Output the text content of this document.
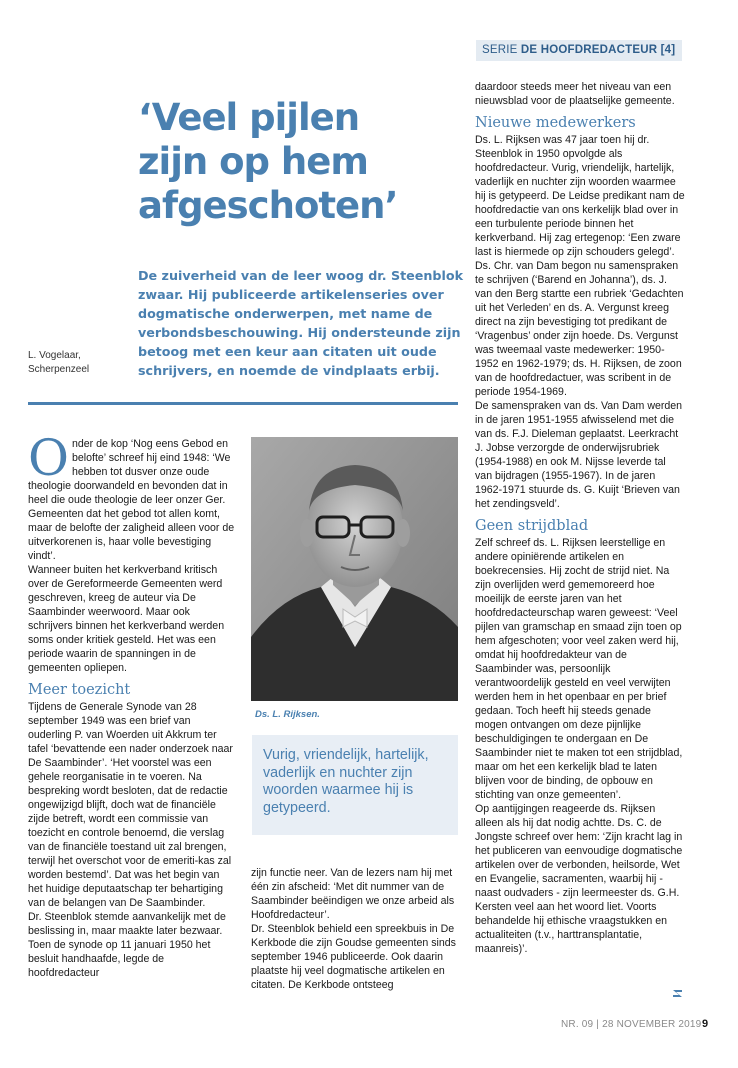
SERIE DE HOOFDREDACTEUR [4]
‘Veel pijlen
zijn op hem
afgeschoten’
De zuiverheid van de leer woog dr. Steenblok zwaar. Hij publiceerde artikelenseries over dogmatische onderwerpen, met name de verbondsbeschouwing. Hij ondersteunde zijn betoog met een keur aan citaten uit oude schrijvers, en noemde de vindplaats erbij.
L. Vogelaar,
Scherpenzeel

O nder de kop ‘Nog eens Gebod en belofte’ schreef hij eind 1948: ‘We hebben tot dusver onze oude theologie doorwandeld en bevonden dat in heel die oude theologie de leer onzer Ger. Gemeenten dat het gebod tot allen komt, maar de belofte der zaligheid alleen voor de uitverkorenen is, haar volle bevestiging vindt’.

Wanneer buiten het kerkverband kritisch over de Gereformeerde Gemeenten werd geschreven, kreeg de auteur via De Saambinder weerwoord. Maar ook schrijvers binnen het kerkverband werden soms onder kritiek gesteld. Het was een periode waarin de spanningen in de gemeenten opliepen.

Meer toezicht

Tijdens de Generale Synode van 28 september 1949 was een brief van ouderling P. van Woerden uit Akkrum ter tafel ‘bevattende een nader onderzoek naar De Saambinder’. ‘Het voorstel was een gehele reorganisatie in te voeren. Na bespreking wordt besloten, dat de redactie ongewijzigd blijft, doch wat de financiële zijde betreft, wordt een commissie van toezicht en controle benoemd, die verslag van de financiële toestand uit zal brengen, terwijl het overschot voor de emeriti-kas zal worden bestemd’. Dat was het begin van het huidige deputaatschap ter behartiging van de belangen van De Saambinder.

Dr. Steenblok stemde aanvankelijk met de beslissing in, maar maakte later bezwaar. Toen de synode op 11 januari 1950 het besluit handhaafde, legde de hoofdredacteur

Ds. L. Rijksen.
Vurig, vriendelijk, hartelijk, vaderlijk en nuchter zijn woorden waarmee hij is getypeerd.

zijn functie neer. Van de lezers nam hij met één zin afscheid: ‘Met dit nummer van de Saambinder beëindigen we onze arbeid als Hoofdredacteur’.

Dr. Steenblok behield een spreekbuis in De Kerkbode die zijn Goudse gemeenten sinds september 1946 publiceerde. Ook daarin plaatste hij veel dogmatische artikelen en citaten. De Kerkbode ontsteeg

daardoor steeds meer het niveau van een nieuwsblad voor de plaatselijke gemeente.

Nieuwe medewerkers

Ds. L. Rijksen was 47 jaar toen hij dr. Steenblok in 1950 opvolgde als hoofdredacteur. Vurig, vriendelijk, hartelijk, vaderlijk en nuchter zijn woorden waarmee hij is getypeerd. De Leidse predikant nam de hoofdredactie van ons kerkelijk blad over in een turbulente periode binnen het kerkverband. Hij zag ertegenop: ‘Een zware last is hiermede op zijn schouders gelegd’.

Ds. Chr. van Dam begon nu samenspraken te schrijven (‘Barend en Johanna’), ds. J. van den Berg startte een rubriek ‘Gedachten uit het Verleden’ en ds. A. Vergunst kreeg direct na zijn bevestiging tot predikant de ‘Vragenbus’ onder zijn hoede. Ds. Vergunst was tweemaal vaste medewerker: 1950-1952 en 1962-1979; ds. H. Rijksen, de zoon van de hoofdredactuer, was scribent in de periode 1954-1969.

De samenspraken van ds. Van Dam werden in de jaren 1951-1955 afwisselend met die van ds. F.J. Dieleman geplaatst. Leerkracht J. Jobse verzorgde de onderwijsrubriek (1954-1988) en ook M. Nijsse leverde tal van bijdragen (1955-1967). In de jaren 1962-1971 stuurde ds. G. Kuijt ‘Brieven van het zendingsveld’.

Geen strijdblad

Zelf schreef ds. L. Rijksen leerstellige en andere opiniërende artikelen en boekrecensies. Hij zocht de strijd niet. Na zijn overlijden werd gememoreerd hoe moeilijk de eerste jaren van het hoofdredacteurschap waren geweest: ‘Veel pijlen van gramschap en smaad zijn toen op hem afgeschoten; voor veel zaken werd hij, omdat hij hoofdredakteur van de Saambinder was, persoonlijk verantwoordelijk gesteld en veel verwijten werden hem in het openbaar en per brief gedaan. Toch heeft hij steeds genade mogen ontvangen om deze pijnlijke beschuldigingen te ondergaan en De Saambinder niet te maken tot een strijdblad, maar om het een kerkelijk blad te laten blijven voor de binding, de opbouw en stichting van onze gemeenten’.

Op aantijgingen reageerde ds. Rijksen alleen als hij dat nodig achtte. Ds. C. de Jongste schreef over hem: ‘Zijn kracht lag in het publiceren van eenvoudige dogmatische artikelen over de verbonden, heilsorde, Wet en Evangelie, sacramenten, waarbij hij - naast oudvaders - zijn leermeester ds. G.H. Kersten veel aan het woord liet. Voorts behandelde hij ethische vraagstukken en actualiteiten (t.v., harttransplantatie, maanreis)’.

NR. 09 | 28 NOVEMBER 2019 9
